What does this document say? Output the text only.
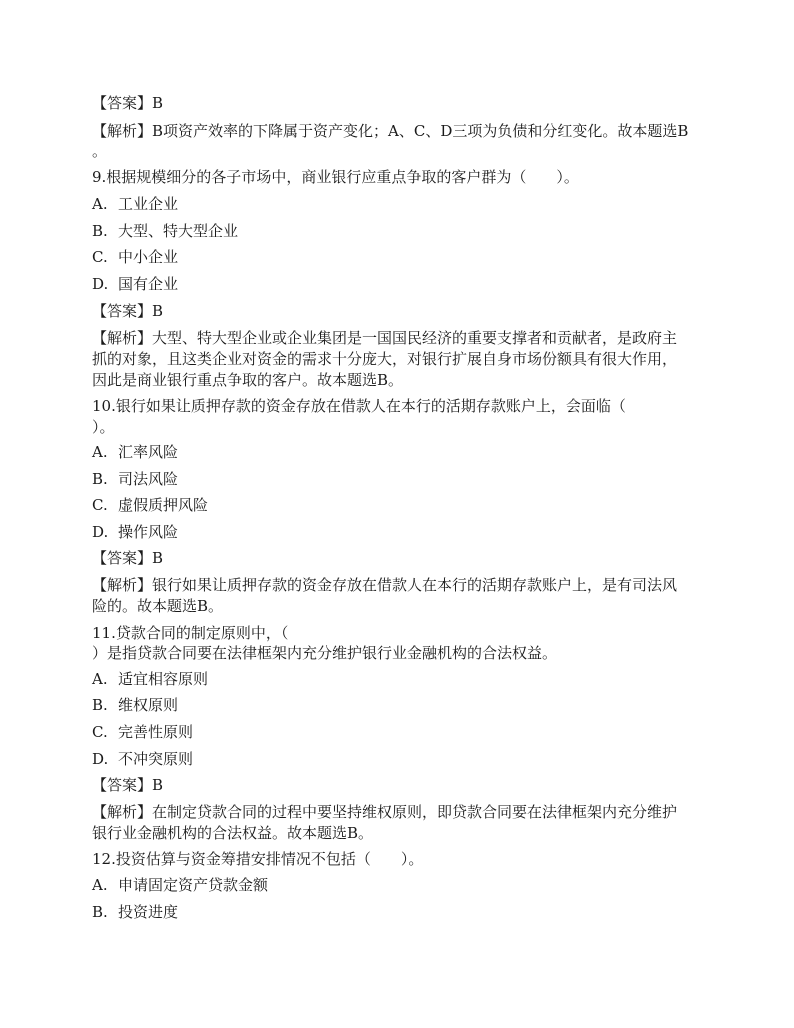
【答案】B
【解析】B项资产效率的下降属于资产变化；A、C、D三项为负债和分红变化。故本题选B
。
9.根据规模细分的各子市场中，商业银行应重点争取的客户群为（　　）。
A. 工业企业
B. 大型、特大型企业
C. 中小企业
D. 国有企业
【答案】B
【解析】大型、特大型企业或企业集团是一国国民经济的重要支撑者和贡献者，是政府主
抓的对象，且这类企业对资金的需求十分庞大，对银行扩展自身市场份额具有很大作用，
因此是商业银行重点争取的客户。故本题选B。
10.银行如果让质押存款的资金存放在借款人在本行的活期存款账户上，会面临（
）。
A. 汇率风险
B. 司法风险
C. 虚假质押风险
D. 操作风险
【答案】B
【解析】银行如果让质押存款的资金存放在借款人在本行的活期存款账户上，是有司法风
险的。故本题选B。
11.贷款合同的制定原则中，（
）是指贷款合同要在法律框架内充分维护银行业金融机构的合法权益。
A. 适宜相容原则
B. 维权原则
C. 完善性原则
D. 不冲突原则
【答案】B
【解析】在制定贷款合同的过程中要坚持维权原则，即贷款合同要在法律框架内充分维护
银行业金融机构的合法权益。故本题选B。
12.投资估算与资金筹措安排情况不包括（　　）。
A. 申请固定资产贷款金额
B. 投资进度
